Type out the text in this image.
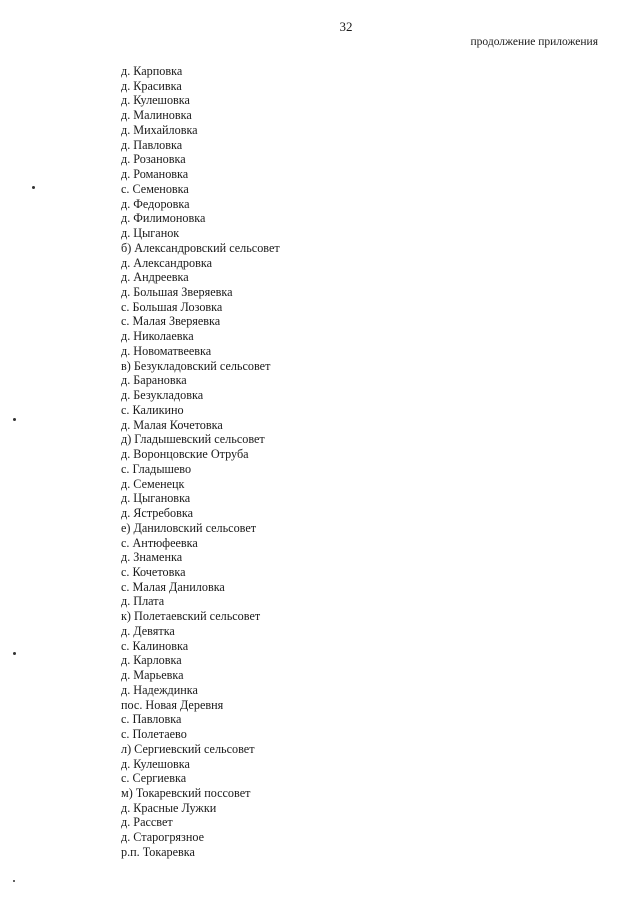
32
продолжение приложения
д. Карповка
д. Красивка
д. Кулешовка
д. Малиновка
д. Михайловка
д. Павловка
д. Розановка
д. Романовка
с. Семеновка
д. Федоровка
д. Филимоновка
д. Цыганок
б) Александровский сельсовет
д. Александровка
д. Андреевка
д. Большая Зверяевка
с. Большая Лозовка
с. Малая Зверяевка
д. Николаевка
д. Новоматвеевка
в) Безукладовский сельсовет
д. Барановка
д. Безукладовка
с. Каликино
д. Малая Кочетовка
д) Гладышевский сельсовет
д. Воронцовские Отруба
с. Гладышево
д. Семенецк
д. Цыгановка
д. Ястребовка
е) Даниловский сельсовет
с. Антюфеевка
д. Знаменка
с. Кочетовка
с. Малая Даниловка
д. Плата
к) Полетаевский сельсовет
д. Девятка
с. Калиновка
д. Карловка
д. Марьевка
д. Надеждинка
пос. Новая Деревня
с. Павловка
с. Полетаево
л) Сергиевский сельсовет
д. Кулешовка
с. Сергиевка
м) Токаревский поссовет
д. Красные Лужки
д. Рассвет
д. Старогрязное
р.п. Токаревка
